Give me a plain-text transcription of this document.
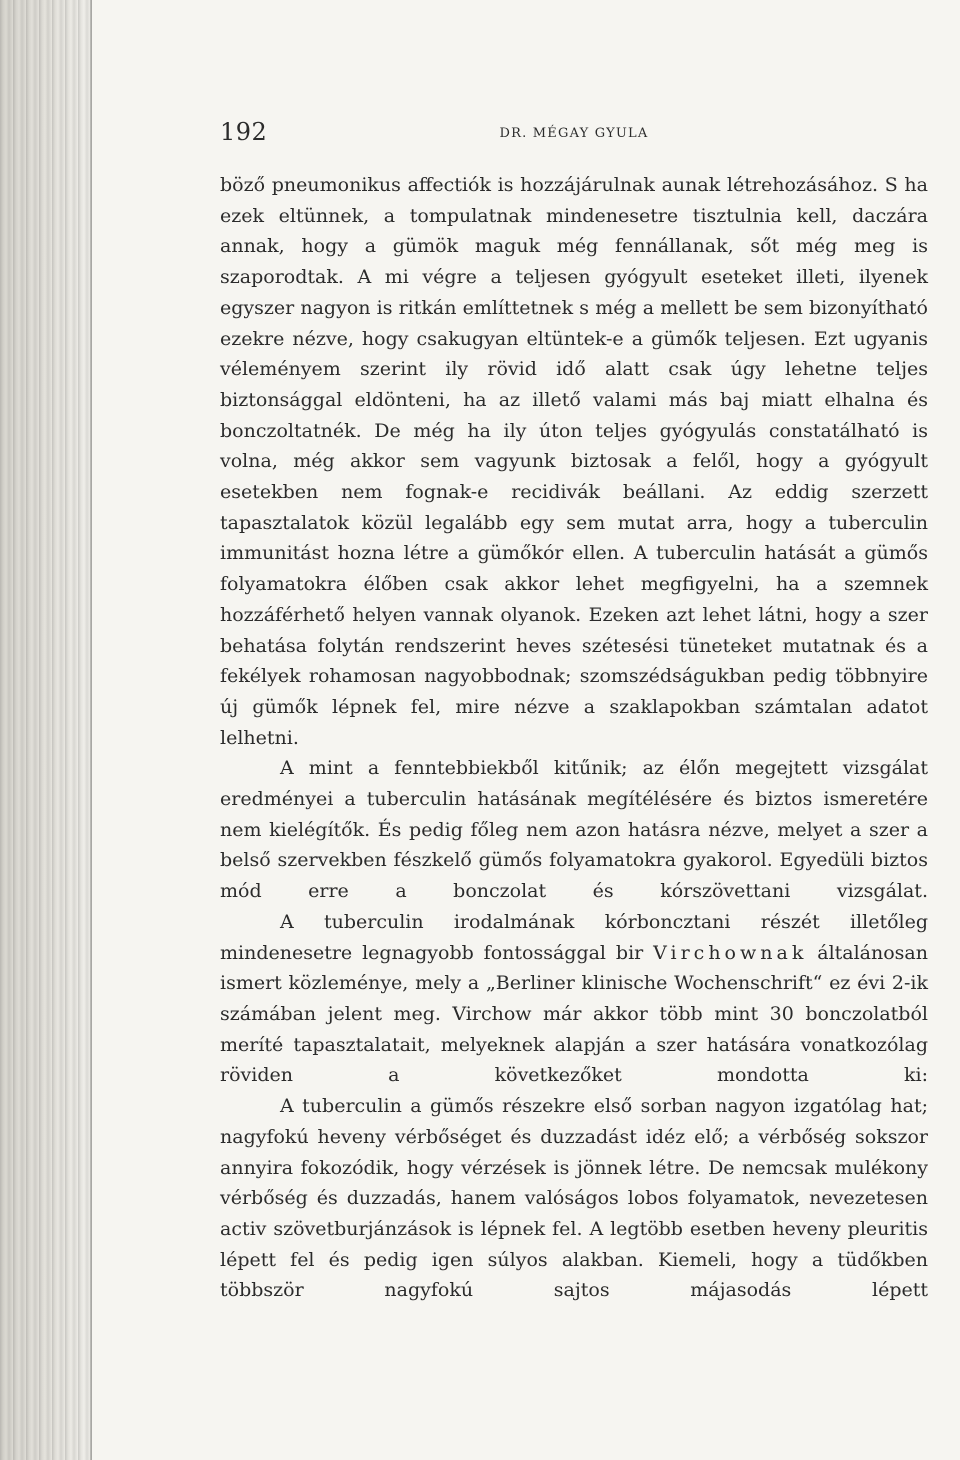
192	DR. MÉGAY GYULA

böző pneumonikus affectiók is hozzájárulnak aunak létrehozásához. S ha ezek eltünnek, a tompulatnak mindenesetre tisztulnia kell, daczára annak, hogy a gümök maguk még fennállanak, sőt még meg is szaporodtak. A mi végre a teljesen gyógyult eseteket illeti, ilyenek egyszer nagyon is ritkán említtetnek s még a mellett be sem bizonyítható ezekre nézve, hogy csakugyan eltüntek-e a gümők teljesen. Ezt ugyanis véleményem szerint ily rövid idő alatt csak úgy lehetne teljes biztonsággal eldönteni, ha az illető valami más baj miatt elhalna és bonczoltatnék. De még ha ily úton teljes gyógyulás constatálható is volna, még akkor sem vagyunk biztosak a felől, hogy a gyógyult esetekben nem fognak-e recidivák beállani. Az eddig szerzett tapasztalatok közül legalább egy sem mutat arra, hogy a tuberculin immunitást hozna létre a gümőkór ellen. A tuberculin hatását a gümős folyamatokra élőben csak akkor lehet megfigyelni, ha a szemnek hozzáférhető helyen vannak olyanok. Ezeken azt lehet látni, hogy a szer behatása folytán rendszerint heves szétesési tüneteket mutatnak és a fekélyek rohamosan nagyobbodnak; szomszédságukban pedig többnyire új gümők lépnek fel, mire nézve a szaklapokban számtalan adatot lelhetni.

A mint a fenntebbiekből kitűnik; az élőn megejtett vizsgálat eredményei a tuberculin hatásának megítélésére és biztos ismeretére nem kielégítők. És pedig főleg nem azon hatásra nézve, melyet a szer a belső szervekben fészkelő gümős folyamatokra gyakorol. Egyedüli biztos mód erre a bonczolat és kórszövettani vizsgálat.

A tuberculin irodalmának kórboncztani részét illetőleg mindenesetre legnagyobb fontossággal bir Virchownak általánosan ismert közleménye, mely a „Berliner klinische Wochenschrift“ ez évi 2-ik számában jelent meg. Virchow már akkor több mint 30 bonczolatból meríté tapasztalatait, melyeknek alapján a szer hatására vonatkozólag röviden a következőket mondotta ki:

A tuberculin a gümős részekre első sorban nagyon izgatólag hat; nagyfokú heveny vérbőséget és duzzadást idéz elő; a vérbőség sokszor annyira fokozódik, hogy vérzések is jönnek létre. De nemcsak mulékony vérbőség és duzzadás, hanem valóságos lobos folyamatok, nevezetesen activ szövetburjánzások is lépnek fel. A legtöbb esetben heveny pleuritis lépett fel és pedig igen súlyos alakban. Kiemeli, hogy a tüdőkben többször nagyfokú sajtos májasodás lépett
